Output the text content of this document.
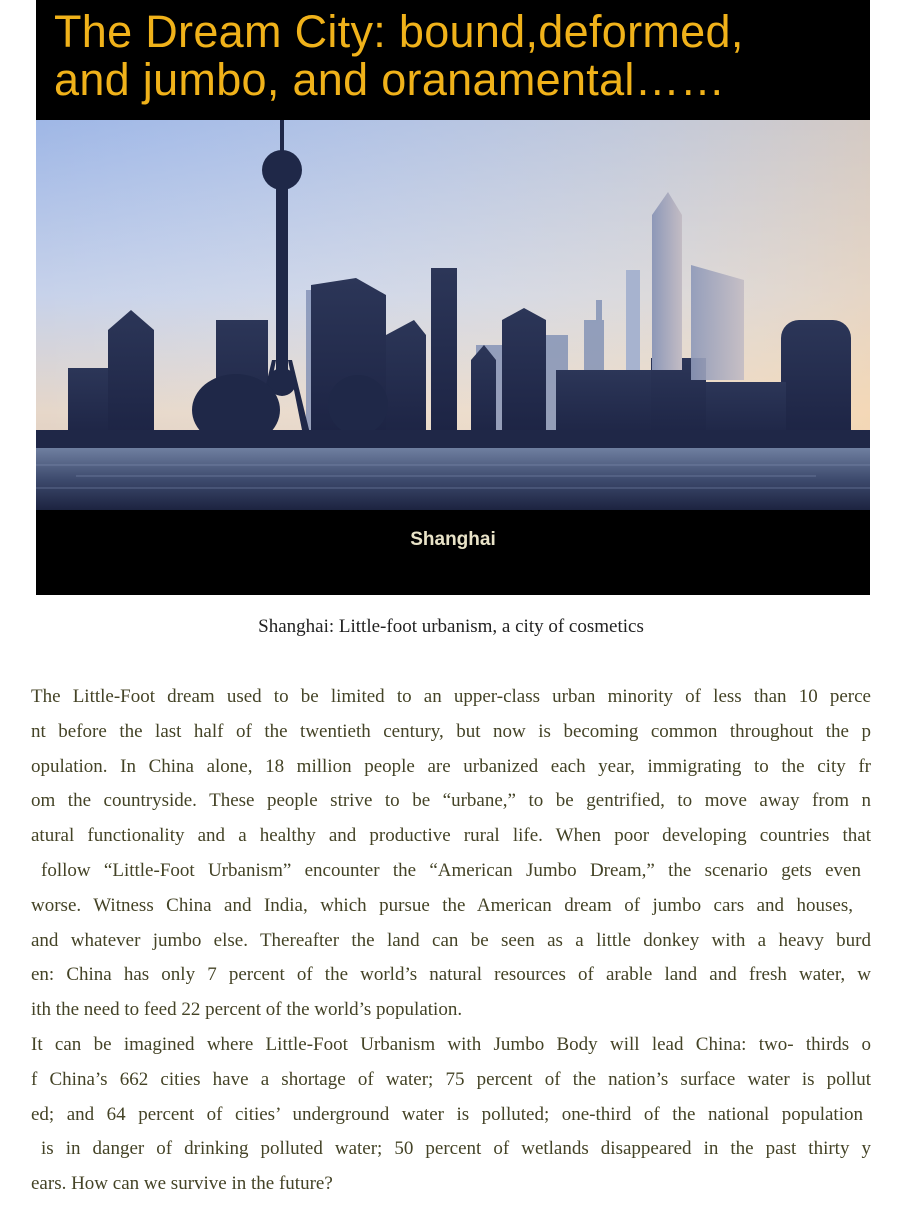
The Dream City: bound,deformed,
and jumbo, and oranamental……
Shanghai

Shanghai: Little-foot urbanism, a city of cosmetics

The Little-Foot dream used to be limited to an upper-class urban minority of less than 10 perce
nt before the last half of the twentieth century, but now is becoming common throughout the p
opulation. In China alone, 18 million people are urbanized each year, immigrating to the city fr
om the countryside. These people strive to be “urbane,” to be gentrified, to move away from n
atural functionality and a healthy and productive rural life. When poor developing countries that
follow “Little-Foot Urbanism” encounter the “American Jumbo Dream,” the scenario gets even
worse. Witness China and India, which pursue the American dream of jumbo cars and houses,
and whatever jumbo else. Thereafter the land can be seen as a little donkey with a heavy burd
en: China has only 7 percent of the world’s natural resources of arable land and fresh water, w
ith the need to feed 22 percent of the world’s population.
It can be imagined where Little-Foot Urbanism with Jumbo Body will lead China: two- thirds o
f China’s 662 cities have a shortage of water; 75 percent of the nation’s surface water is pollut
ed; and 64 percent of cities’ underground water is polluted; one-third of the national population
is in danger of drinking polluted water; 50 percent of wetlands disappeared in the past thirty y
ears. How can we survive in the future?
